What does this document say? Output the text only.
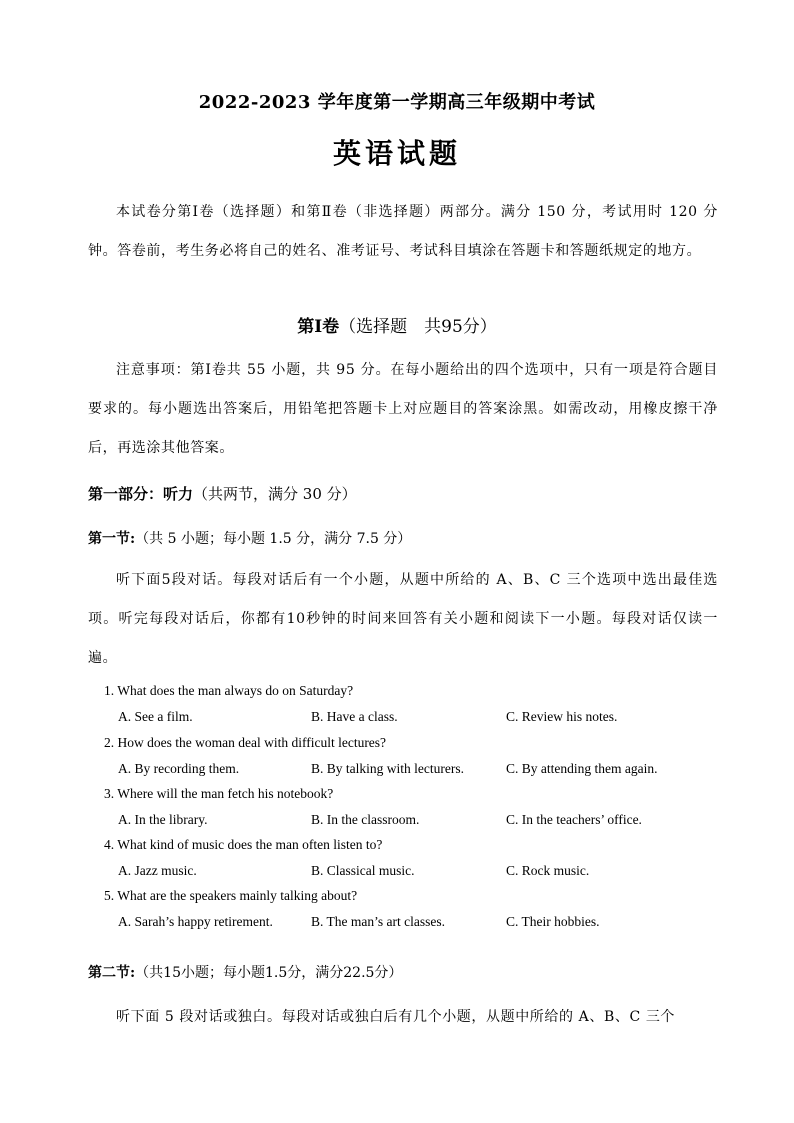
2022-2023 学年度第一学期高三年级期中考试
英语试题
本试卷分第Ⅰ卷（选择题）和第Ⅱ卷（非选择题）两部分。满分 150 分，考试用时 120 分钟。答卷前，考生务必将自己的姓名、准考证号、考试科目填涂在答题卡和答题纸规定的地方。
第Ⅰ卷（选择题　共95分）
注意事项：第Ⅰ卷共 55 小题，共 95 分。在每小题给出的四个选项中，只有一项是符合题目要求的。每小题选出答案后，用铅笔把答题卡上对应题目的答案涂黑。如需改动，用橡皮擦干净后，再选涂其他答案。
第一部分：听力（共两节，满分 30 分）
第一节:（共 5 小题；每小题 1.5 分，满分 7.5 分）
听下面5段对话。每段对话后有一个小题，从题中所给的 A、B、C 三个选项中选出最佳选项。听完每段对话后，你都有10秒钟的时间来回答有关小题和阅读下一小题。每段对话仅读一遍。
1. What does the man always do on Saturday?
A. See a film.	B. Have a class.	C. Review his notes.
2. How does the woman deal with difficult lectures?
A. By recording them.	B. By talking with lecturers.	C. By attending them again.
3. Where will the man fetch his notebook?
A. In the library.	B. In the classroom.	C. In the teachers’ office.
4. What kind of music does the man often listen to?
A. Jazz music.	B. Classical music.	C. Rock music.
5. What are the speakers mainly talking about?
A. Sarah’s happy retirement.	B. The man’s art classes.	C. Their hobbies.
第二节:（共15小题；每小题1.5分，满分22.5分）
听下面 5 段对话或独白。每段对话或独白后有几个小题，从题中所给的 A、B、C 三个
